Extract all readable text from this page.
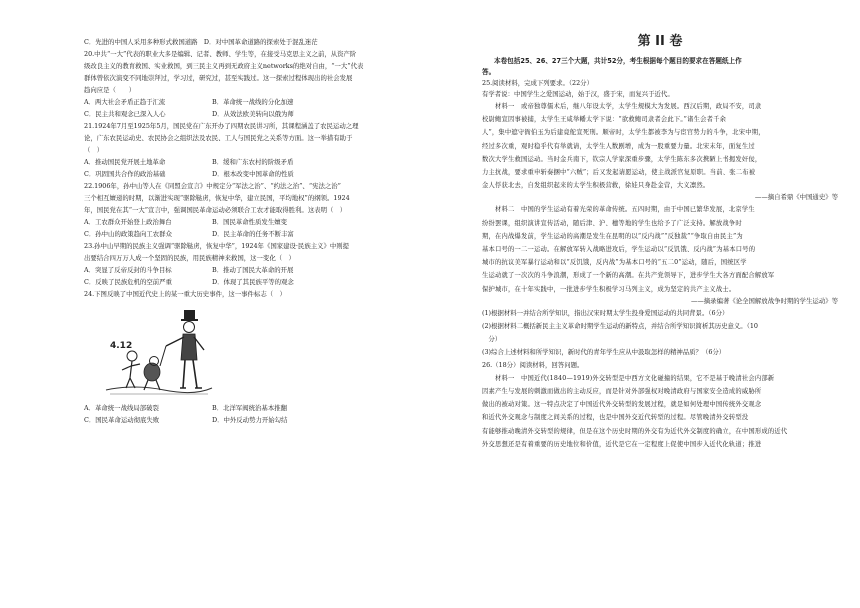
C．先进的中国人采用多种形式救国道路　D．对中国革命道路的探索处于混乱迷茫
20.中共“一大”代表的职业大多是编辑、记者、教师、学生等，在接受马克思主义之前，从资产阶
级改良主义的教育救国、实业救国，到三民主义再到无政府主义networks的绝对自由，“一大”代表
群体曾依次演变不同地崇拜过，学习过，研究过，甚至实践过。这一探索过程体现出的社会发展
趋向应是（　　）
A．两大社会矛盾正趋于汇流	B．革命统一战线的分化加速
C．民主共和观念已深入人心	D．从效法欧美转向以俄为师
21.1924年7月至1925年5月，国民党在广东开办了四期农民讲习所，其课程涵盖了农民运动之理
论，广东农民运动史、农民协会之组织法及农民、工人与国民党之关系等方面。这一举措有助于
（　）
A．推动国民党开展土地革命	B．缓和广东农村的阶级矛盾
C．巩固国共合作的政治基础	D．根本改变中国革命的性质
22.1906年，孙中山等人在《同盟会宣言》中规定分“军法之治”、“约法之治”、“宪法之治”
三个相互嬗递的时期，以渐进实现“驱除鞑虏，恢复中华，建立民国，平均地权”的纲领。1924
年，国民党在其“一大”宣言中，强调国民革命运动必须联合工农才能取得胜利。这表明（　）
A．工农群众开始登上政治舞台	B．国民革命性质发生嬗变
C．孙中山的政策趋向工农群众	D．民主革命的任务不断丰富
23.孙中山早期的民族主义强调“驱除鞑虏，恢复中华”，1924年《国家建设·民族主义》中则提
出要结合四万万人成一个坚固的民族，用民族精神来救国，这一变化（　）
A．突显了反帝反封的斗争目标	B．推动了国民大革命的开展
C．反映了民族危机的空前严重	D．体现了其民族平等的观念
24.下图反映了中国近代史上的某一重大历史事件，这一事件标志（　）
4.12
A．革命统一战线局部破裂	B．北洋军阀统治基本推翻
C．国民革命运动彻底失败	D．中外反动势力开始勾结
第 II 卷
本卷包括25、26、27三个大题，共计52分，考生根据每个题目的要求在答题纸上作
答。
25.阅读材料，完成下列要求。（22分）
有学者说：中国学生之爱国运动，始于汉，盛于宋，而复兴于近代。
　　材料一　或帝独尊儒术后，继八年设太学，太学生规模大为发展。西汉后期，政局不安，司隶
校尉鲍宣因事被捕，太学生王咸举幡太学下说：“欲救鲍司隶者会此下。”诸生会者千余
人”，集中遮守衙伯玉为后建竟舵宣死刑。顺帝时，太学生都被李为与宦官势力的斗争，北宋中期，
经过多次重，观时稳乎代有举就请，太学生人数剧增，成为一股重要力量。北宋末年，面复生过
数次大学生救国运动。当时金兵南下，钦宗人学家深重步骤，太学生陈东多次携陋上书揭发奸佞，
力主抗战，要求重申斩奏捆中“六贼”；后又发起请愿运动，使主战派官复原职。当前、张二布被
金人俘获北去，自发组织起来的太学生积极营救，徐娃只身赴金营，大义凛然。
——摘自希鼎《中国通史》等
　　材料二　中国的学生运动有着光荣的革命传统。五四时期，由于中国已繁华发展，北京学生
纷纷罢课，组织演讲宣传活动，随后津、沪、穗等地的学生也给予了广泛支持。解放战争时
期，在内战爆发前，学生运动的高潮是发生在昆明的以“反内战”“反独裁”“争取自由民主”为
基本口号的一二一运动。在解放军转入战略进攻后，学生运动以“反饥饿、反内战”为基本口号的
城市的抗议美军暴行运动和以“反饥饿，反内战”为基本口号的“五二0”运动，随后，国统区学
生运动就了一次次的斗争浪潮，形成了一个新的高潮。在共产党领导下，进步学生大各方面配合解放军
保护城市，在十年实践中，一批进步学生积极学习马列主义，成为坚定的共产主义战士。
——摘录编著《论全国解放战争时期的学生运动》等
(1)根据材料一并结合所学知识，指出汉宋时期太学生投身爱国运动的共同背景。（6分）
(2)根据材料二概括新民主主义革命时期学生运动的新特点，并结合所学知识简析其历史意义。（10
　分）
(3)综合上述材料和所学知识，新时代的青年学生应从中汲取怎样的精神品质？（6分）
26.（18分）阅读材料，回答问题。
　　材料一　中国近代(1840—1919)外交转型是中西方文化碰撞的结果，它不是基于晚清社会内部新
因素产生与发展的刺激而做出的主动反应，而是针对外部强权对晚清政府与国家安全造成的威胁所
做出的被动对策。这一特点决定了中国近代外交转型的发展过程，就是如何处理中国传统外交观念
和近代外交观念与制度之间关系的过程，也是中国外交近代转型的过程。尽管晚清外交转型没
有能够推动晚清外交转型的规律，但是在这个历史时期的外交有为近代外交制度的确立，在中国形成的近代
外交思想还是有着重要的历史地位和价值，近代是它在一定程度上促使中国步入近代化轨道；推进
